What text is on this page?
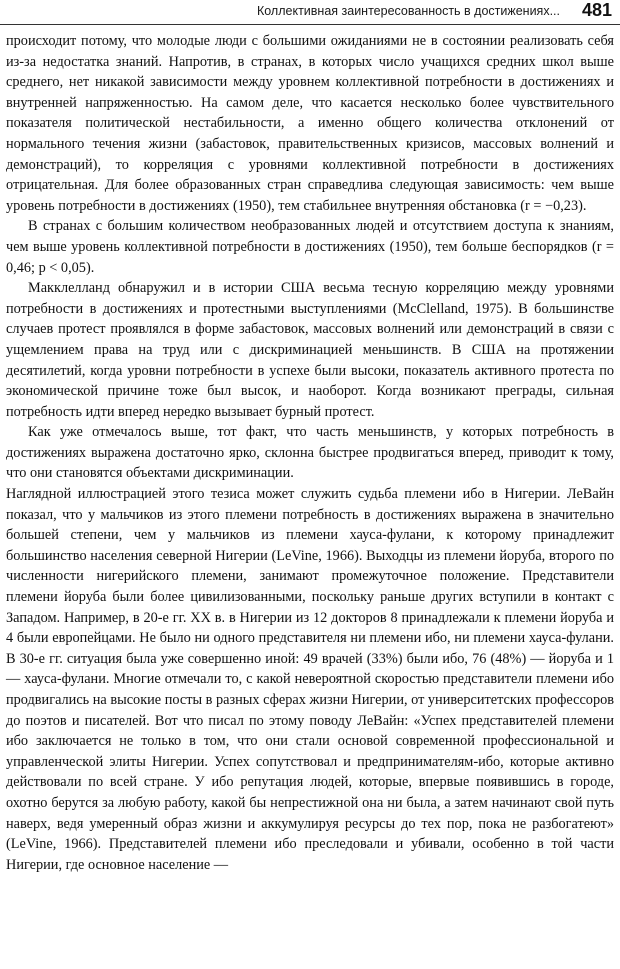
Коллективная заинтересованность в достижениях... 481

происходит потому, что молодые люди с большими ожиданиями не в состоянии реализовать себя из-за недостатка знаний. Напротив, в странах, в которых число учащихся средних школ выше среднего, нет никакой зависимости между уровнем коллективной потребности в достижениях и внутренней напряженностью. На самом деле, что касается несколько более чувствительного показателя политической нестабильности, а именно общего количества отклонений от нормального течения жизни (забастовок, правительственных кризисов, массовых волнений и демонстраций), то корреляция с уровнями коллективной потребности в достижениях отрицательная. Для более образованных стран справедлива следующая зависимость: чем выше уровень потребности в достижениях (1950), тем стабильнее внутренняя обстановка (r = −0,23).

В странах с большим количеством необразованных людей и отсутствием доступа к знаниям, чем выше уровень коллективной потребности в достижениях (1950), тем больше беспорядков (r = 0,46; p < 0,05).

Макклелланд обнаружил и в истории США весьма тесную корреляцию между уровнями потребности в достижениях и протестными выступлениями (McClelland, 1975). В большинстве случаев протест проявлялся в форме забастовок, массовых волнений или демонстраций в связи с ущемлением права на труд или с дискриминацией меньшинств. В США на протяжении десятилетий, когда уровни потребности в успехе были высоки, показатель активного протеста по экономической причине тоже был высок, и наоборот. Когда возникают преграды, сильная потребность идти вперед нередко вызывает бурный протест.

Как уже отмечалось выше, тот факт, что часть меньшинств, у которых потребность в достижениях выражена достаточно ярко, склонна быстрее продвигаться вперед, приводит к тому, что они становятся объектами дискриминации.

Наглядной иллюстрацией этого тезиса может служить судьба племени ибо в Нигерии. ЛеВайн показал, что у мальчиков из этого племени потребность в достижениях выражена в значительно большей степени, чем у мальчиков из племени хауса-фулани, к которому принадлежит большинство населения северной Нигерии (LeVine, 1966). Выходцы из племени йоруба, второго по численности нигерийского племени, занимают промежуточное положение. Представители племени йоруба были более цивилизованными, поскольку раньше других вступили в контакт с Западом. Например, в 20-е гг. XX в. в Нигерии из 12 докторов 8 принадлежали к племени йоруба и 4 были европейцами. Не было ни одного представителя ни племени ибо, ни племени хауса-фулани. В 30-е гг. ситуация была уже совершенно иной: 49 врачей (33%) были ибо, 76 (48%) — йоруба и 1 — хауса-фулани. Многие отмечали то, с какой невероятной скоростью представители племени ибо продвигались на высокие посты в разных сферах жизни Нигерии, от университетских профессоров до поэтов и писателей. Вот что писал по этому поводу ЛеВайн: «Успех представителей племени ибо заключается не только в том, что они стали основой современной профессиональной и управленческой элиты Нигерии. Успех сопутствовал и предпринимателям-ибо, которые активно действовали по всей стране. У ибо репутация людей, которые, впервые появившись в городе, охотно берутся за любую работу, какой бы непрестижной она ни была, а затем начинают свой путь наверх, ведя умеренный образ жизни и аккумулируя ресурсы до тех пор, пока не разбогатеют» (LeVine, 1966). Представителей племени ибо преследовали и убивали, особенно в той части Нигерии, где основное население —
